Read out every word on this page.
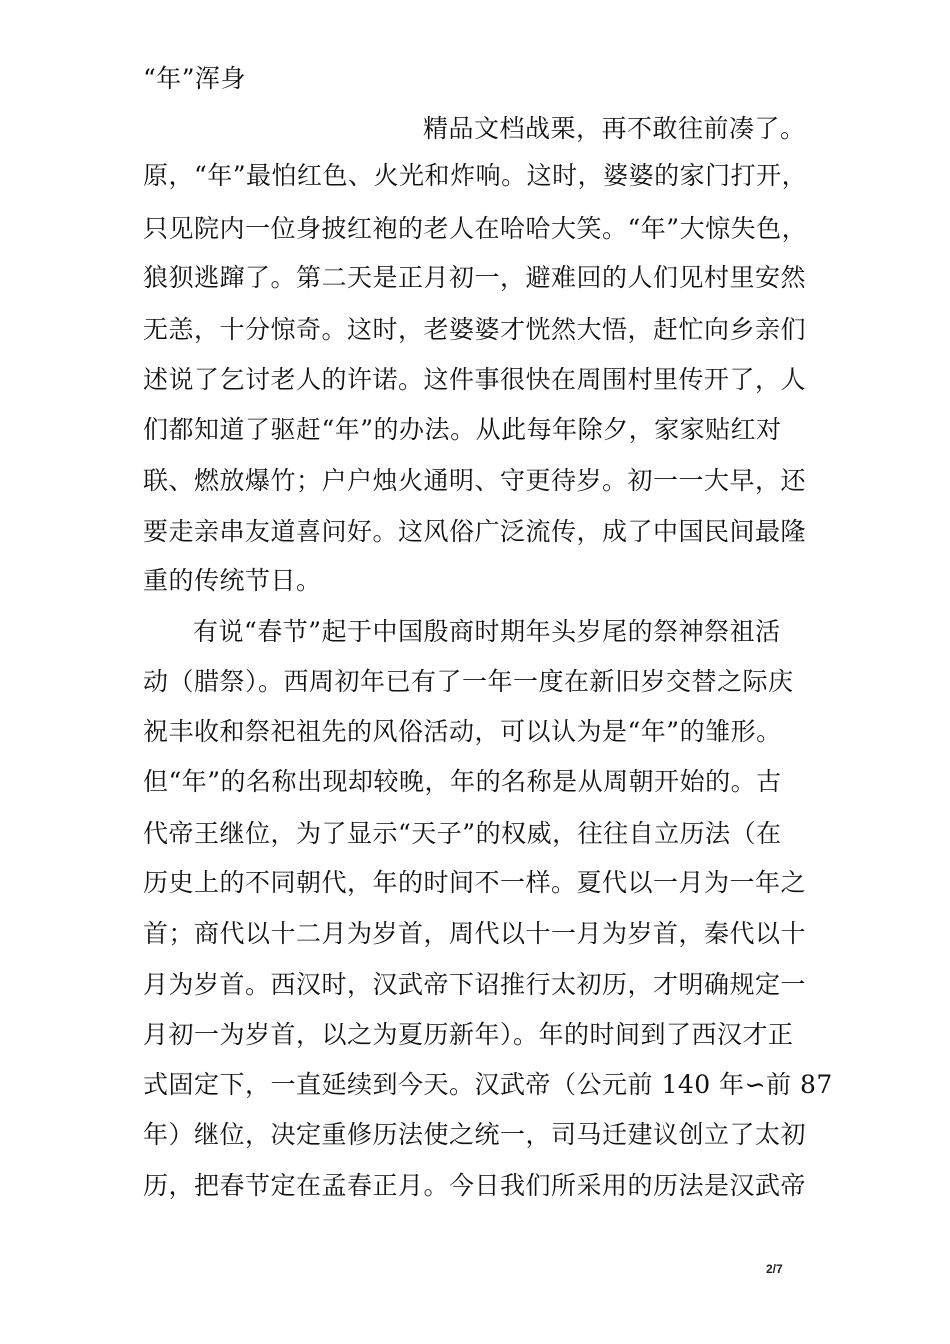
“年”浑身
精品文档战栗，再不敢往前凑了。
原，“年”最怕红色、火光和炸响。这时，婆婆的家门打开，
只见院内一位身披红袍的老人在哈哈大笑。“年”大惊失色，
狼狈逃蹿了。第二天是正月初一，避难回的人们见村里安然
无恙，十分惊奇。这时，老婆婆才恍然大悟，赶忙向乡亲们
述说了乞讨老人的许诺。这件事很快在周围村里传开了，人
们都知道了驱赶“年”的办法。从此每年除夕，家家贴红对
联、燃放爆竹；户户烛火通明、守更待岁。初一一大早，还
要走亲串友道喜问好。这风俗广泛流传，成了中国民间最隆
重的传统节日。
有说“春节”起于中国殷商时期年头岁尾的祭神祭祖活
动（腊祭）。西周初年已有了一年一度在新旧岁交替之际庆
祝丰收和祭祀祖先的风俗活动，可以认为是“年”的雏形。
但“年”的名称出现却较晚，年的名称是从周朝开始的。古
代帝王继位，为了显示“天子”的权威，往往自立历法（在
历史上的不同朝代，年的时间不一样。夏代以一月为一年之
首；商代以十二月为岁首，周代以十一月为岁首，秦代以十
月为岁首。西汉时，汉武帝下诏推行太初历，才明确规定一
月初一为岁首，以之为夏历新年）。年的时间到了西汉才正
式固定下，一直延续到今天。汉武帝（公元前 140 年∽前 87
年）继位，决定重修历法使之统一，司马迁建议创立了太初
历，把春节定在孟春正月。今日我们所采用的历法是汉武帝
2/7
